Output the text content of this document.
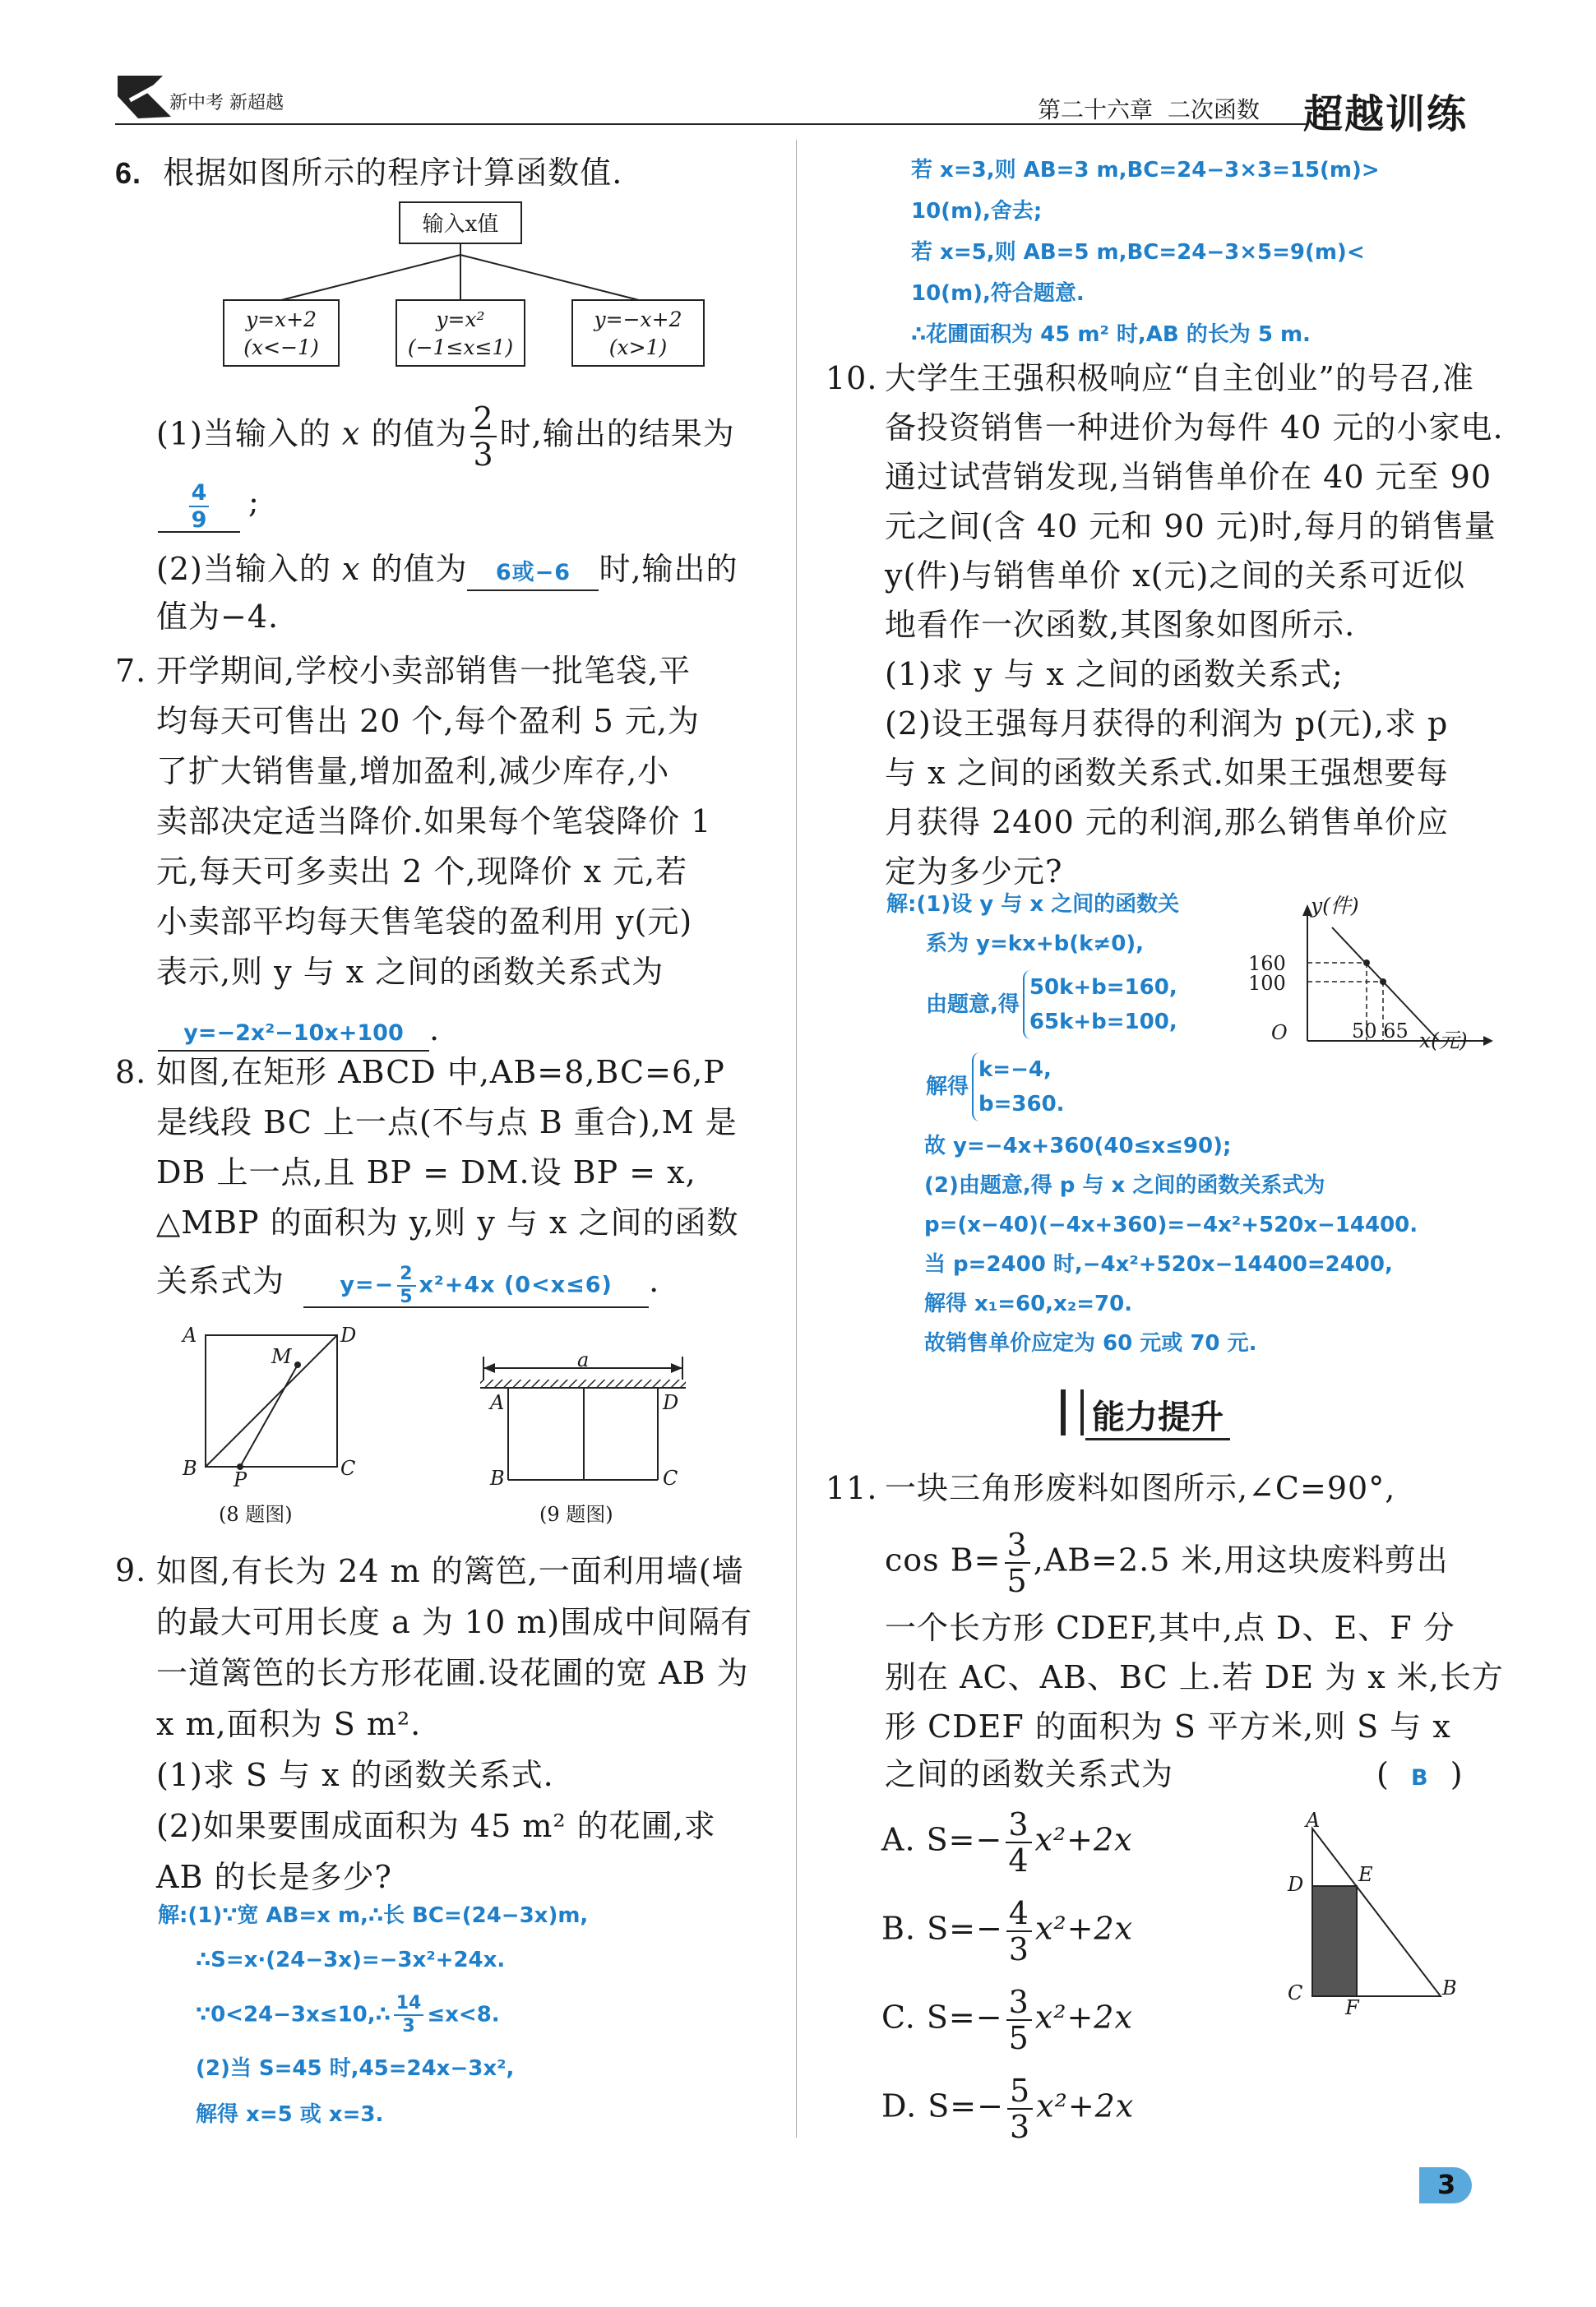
新中考 新超越	第二十六章 二次函数 超越训练
6. 根据如图所示的程序计算函数值.
输入x值
y=x+2
(x<−1)
y=x²
(−1≤x≤1)
y=−x+2
(x>1)
(1)当输入的 x 的值为 $\frac{2}{3}$ 时,输出的结果为
$\frac{4}{9}$ ;
(2)当输入的 x 的值为 6或−6 时,输出的
值为−4.
7. 开学期间,学校小卖部销售一批笔袋,平
均每天可售出 20 个,每个盈利 5 元,为
了扩大销售量,增加盈利,减少库存,小
卖部决定适当降价.如果每个笔袋降价 1
元,每天可多卖出 2 个,现降价 x 元,若
小卖部平均每天售笔袋的盈利用 y(元)
表示,则 y 与 x 之间的函数关系式为
y=−2x²−10x+100 .
8. 如图,在矩形 ABCD 中,AB=8,BC=6,P
是线段 BC 上一点(不与点 B 重合),M 是
DB 上一点,且 BP = DM.设 BP = x,
△MBP 的面积为 y,则 y 与 x 之间的函数
关系式为 $y=- \frac{2}{5} x^2+4x$ (0<x≤6) .
A	D
M
B P	C
(8 题图)
a
A	D
B	C
(9 题图)
9. 如图,有长为 24 m 的篱笆,一面利用墙(墙
的最大可用长度 a 为 10 m)围成中间隔有
一道篱笆的长方形花圃.设花圃的宽 AB 为
x m,面积为 S m².
(1)求 S 与 x 的函数关系式.
(2)如果要围成面积为 45 m² 的花圃,求
AB 的长是多少?
解:(1)∵宽 AB=x m,∴长 BC=(24−3x)m,
∴S=x·(24−3x)=−3x²+24x.
∵0<24−3x≤10,∴ $\frac{14}{3} \le x<8$.
(2)当 S=45 时,45=24x−3x²,
解得 x=5 或 x=3.
若 x=3,则 AB=3 m,BC=24−3×3=15(m)>
10(m),舍去;
若 x=5,则 AB=5 m,BC=24−3×5=9(m)<
10(m),符合题意.
∴花圃面积为 45 m² 时,AB 的长为 5 m.
10. 大学生王强积极响应“自主创业”的号召,准
备投资销售一种进价为每件 40 元的小家电.
通过试营销发现,当销售单价在 40 元至 90
元之间(含 40 元和 90 元)时,每月的销售量
y(件)与销售单价 x(元)之间的关系可近似
地看作一次函数,其图象如图所示.
(1)求 y 与 x 之间的函数关系式;
(2)设王强每月获得的利润为 p(元),求 p
与 x 之间的函数关系式.如果王强想要每
月获得 2400 元的利润,那么销售单价应
定为多少元?
解:(1)设 y 与 x 之间的函数关
系为 y=kx+b(k≠0),
由题意,得
50k+b=160,
65k+b=100,
解得
k=−4,
b=360.
故 y=−4x+360(40≤x≤90);
(2)由题意,得 p 与 x 之间的函数关系式为
p=(x−40)(−4x+360)=−4x²+520x−14400.
当 p=2400 时,−4x²+520x−14400=2400,
解得 x₁=60,x₂=70.
故销售单价应定为 60 元或 70 元.
y(件)
160
100
O	50 65 x(元)
能力提升
11. 一块三角形废料如图所示,∠C=90°,
$\cos B= \frac{3}{5} ,AB=2.5$ 米,用这块废料剪出
一个长方形 CDEF,其中,点 D、E、F 分
别在 AC、AB、BC 上.若 DE 为 x 米,长方
形 CDEF 的面积为 S 平方米,则 S 与 x
之间的函数关系式为	( B )
A. $S=- \frac{3}{4} x^2+2x$
B. $S=- \frac{4}{3} x^2+2x$
C. $S=- \frac{3}{5} x^2+2x$
D. $S=- \frac{5}{3} x^2+2x$
A
D	E
C
F
B
3
